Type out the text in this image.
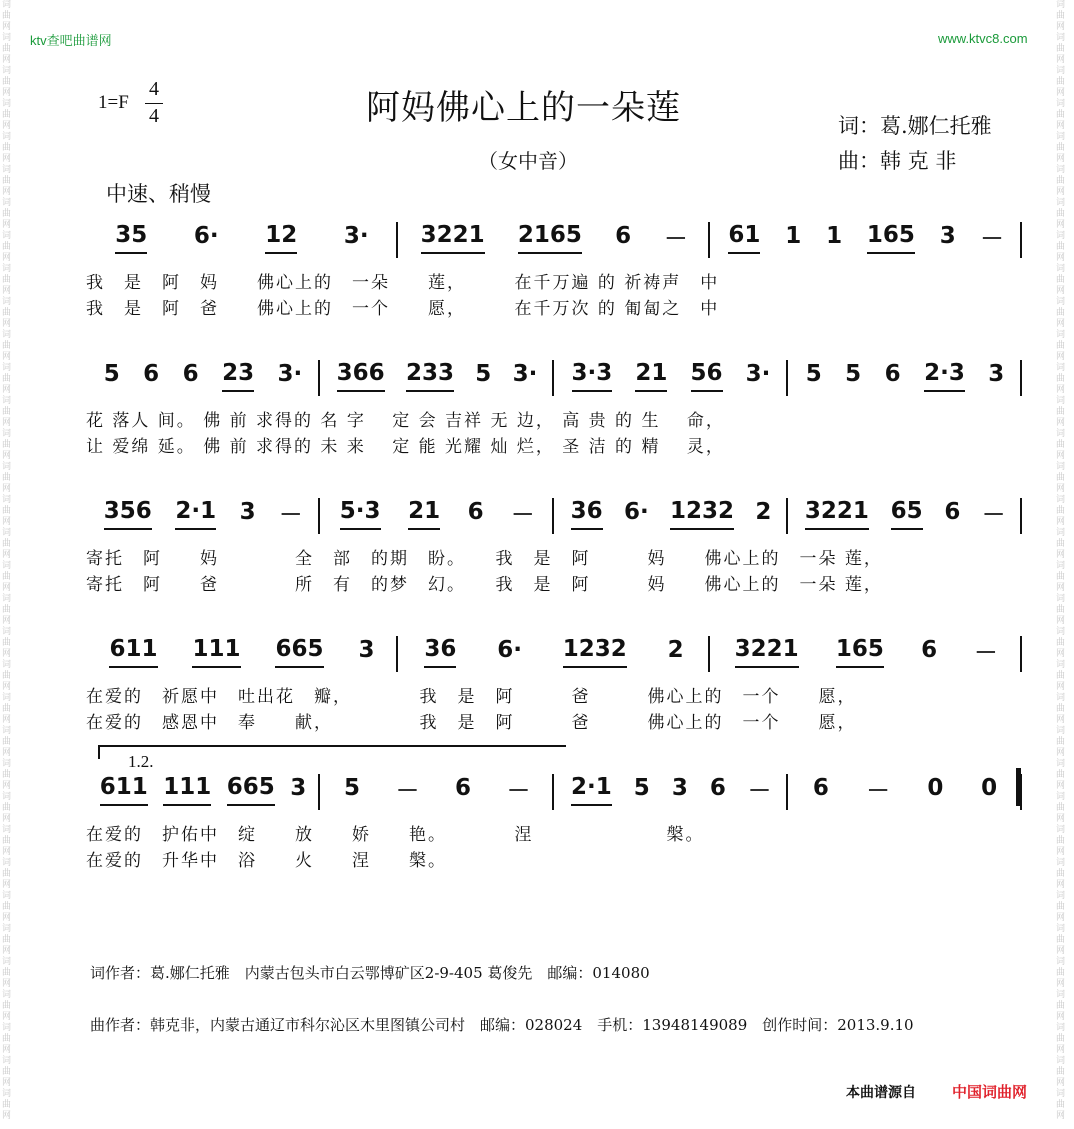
词
曲
网
词
曲
网
词
曲
网
词
曲
网
词
曲
网
词
曲
网
词
曲
网
词
曲
网
词
曲
网
词
曲
网
词
曲
网
词
曲
网
词
曲
网
词
曲
网
词
曲
网
词
曲
网
词
曲
网
词
曲
网
词
曲
网
词
曲
网
词
曲
网
词
曲
网
词
曲
网
词
曲
网
词
曲
网
词
曲
网
词
曲
网
词
曲
网
词
曲
网
词
曲
网
词
曲
网
词
曲
网
词
曲
网
词
曲
网
词
曲
网
词
曲
网
词
曲
网
词
曲
网
词
曲
网
词
曲
网
词
曲
网
词
曲
网
词
曲
网
词
曲
网
词
曲
网
词
曲
网
词
曲
网
词
曲
网
词
曲
网
词
曲
网
词
曲
网
词
曲
网
词
曲
网
词
曲
网
词
曲
网
词
曲
网
词
曲
网
词
曲
网
词
曲
网
词
曲
网
词
曲
网
词
曲
网
词
曲
网
词
曲
网
词
曲
网
词
曲
网
词
曲
网
词
曲
网
ktv查吧曲谱网	www.ktvc8.com
1=F
4
4	阿妈佛心上的一朵莲	词：葛.娜仁托雅
（女中音）	曲：韩 克 非
中速、稍慢
35 6· 12 3· 3221 2165 6 － 61 1 1 165 3 －
我　是　阿　妈　　佛心上的　一朵　　莲，　　　在千万遍 的 祈祷声　中
我　是　阿　爸　　佛心上的　一个　　愿，　　　在千万次 的 匍匐之　中
5 6 6 23 3· 366 233 5 3· 3·3 21 56 3· 5 5 6 2·3 3
花 落人 间。 佛 前 求得的 名 字 　定 会 吉祥 无 边， 高 贵 的 生 　命，
让 爱绵 延。 佛 前 求得的 未 来 　定 能 光耀 灿 烂， 圣 洁 的 精 　灵，
356 2·1 3 － 5·3 21 6 － 36 6· 1232 2 3221 65 6 －
寄托　阿　　妈　　　　全　部　的期　盼。　　我　是　阿　　　妈　　佛心上的　一朵 莲，
寄托　阿　　爸　　　　所　有　的梦　幻。　　我　是　阿　　　妈　　佛心上的　一朵 莲，
611 111 665 3 36 6· 1232 2 3221 165 6 －
在爱的　祈愿中　吐出花　瓣，　　　　我　是　阿　　　爸　　　佛心上的　一个　　愿，
在爱的　感恩中　奉　　献，　　　　　我　是　阿　　　爸　　　佛心上的　一个　　愿，
1.2.
611 111 665 3 5 － 6 － 2·1 5 3 6 － 6 － 0 0
在爱的　护佑中　绽　　放　　娇　　艳。　　　　涅　　　　　　　槃。
在爱的　升华中　浴　　火　　涅　　槃。
词作者：葛.娜仁托雅　内蒙古包头市白云鄂博矿区2-9-405 葛俊先　邮编：014080
曲作者：韩克非，内蒙古通辽市科尔沁区木里图镇公司村　邮编：028024　手机：13948149089　创作时间：2013.9.10
本曲谱源自 中国词曲网
